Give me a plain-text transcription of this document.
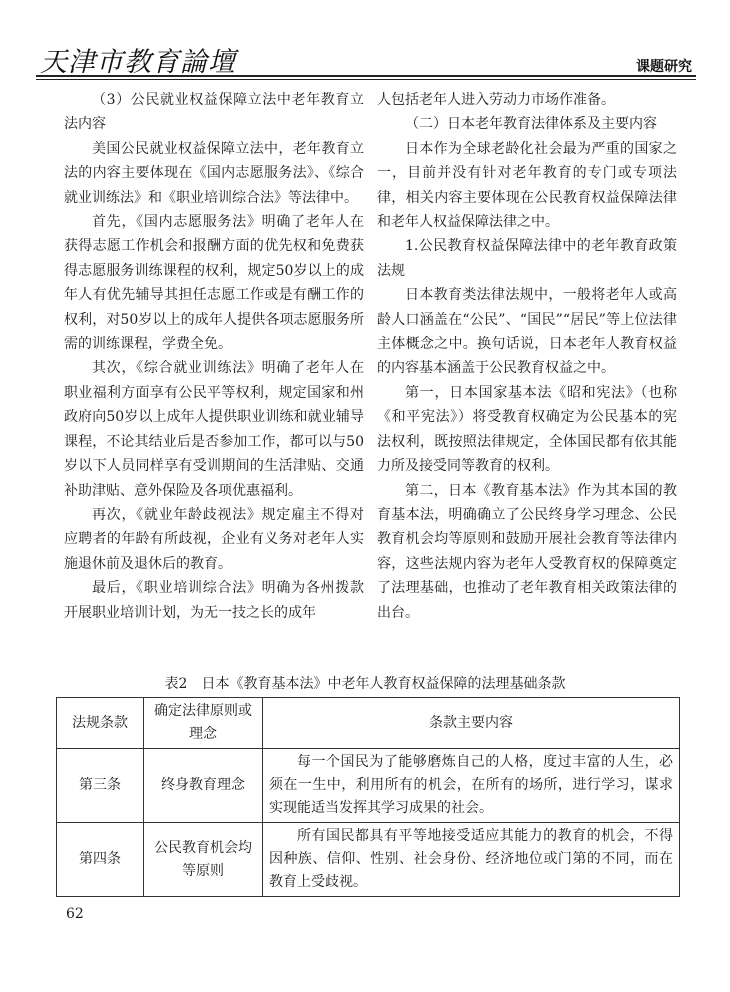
天津市教育論壇	课题研究

（3）公民就业权益保障立法中老年教育立法内容

美国公民就业权益保障立法中，老年教育立法的内容主要体现在《国内志愿服务法》、《综合就业训练法》和《职业培训综合法》等法律中。

首先，《国内志愿服务法》明确了老年人在获得志愿工作机会和报酬方面的优先权和免费获得志愿服务训练课程的权利，规定50岁以上的成年人有优先辅导其担任志愿工作或是有酬工作的权利，对50岁以上的成年人提供各项志愿服务所需的训练课程，学费全免。

其次，《综合就业训练法》明确了老年人在职业福利方面享有公民平等权利，规定国家和州政府向50岁以上成年人提供职业训练和就业辅导课程，不论其结业后是否参加工作，都可以与50岁以下人员同样享有受训期间的生活津贴、交通补助津贴、意外保险及各项优惠福利。

再次，《就业年龄歧视法》规定雇主不得对应聘者的年龄有所歧视，企业有义务对老年人实施退休前及退休后的教育。

最后，《职业培训综合法》明确为各州拨款开展职业培训计划，为无一技之长的成年

人包括老年人进入劳动力市场作准备。

（二）日本老年教育法律体系及主要内容

日本作为全球老龄化社会最为严重的国家之一，目前并没有针对老年教育的专门或专项法律，相关内容主要体现在公民教育权益保障法律和老年人权益保障法律之中。

1.公民教育权益保障法律中的老年教育政策法规

日本教育类法律法规中，一般将老年人或高龄人口涵盖在“公民”、“国民”“居民”等上位法律主体概念之中。换句话说，日本老年人教育权益的内容基本涵盖于公民教育权益之中。

第一，日本国家基本法《昭和宪法》（也称《和平宪法》）将受教育权确定为公民基本的宪法权利，既按照法律规定，全体国民都有依其能力所及接受同等教育的权利。

第二，日本《教育基本法》作为其本国的教育基本法，明确确立了公民终身学习理念、公民教育机会均等原则和鼓励开展社会教育等法律内容，这些法规内容为老年人受教育权的保障奠定了法理基础，也推动了老年教育相关政策法律的出台。

表2　日本《教育基本法》中老年人教育权益保障的法理基础条款
法规条款	确定法律原则或理念	条款主要内容
第三条	终身教育理念	每一个国民为了能够磨炼自己的人格，度过丰富的人生，必须在一生中，利用所有的机会，在所有的场所，进行学习，谋求实现能适当发挥其学习成果的社会。
第四条	公民教育机会均等原则	所有国民都具有平等地接受适应其能力的教育的机会，不得因种族、信仰、性别、社会身份、经济地位或门第的不同，而在教育上受歧视。
62
